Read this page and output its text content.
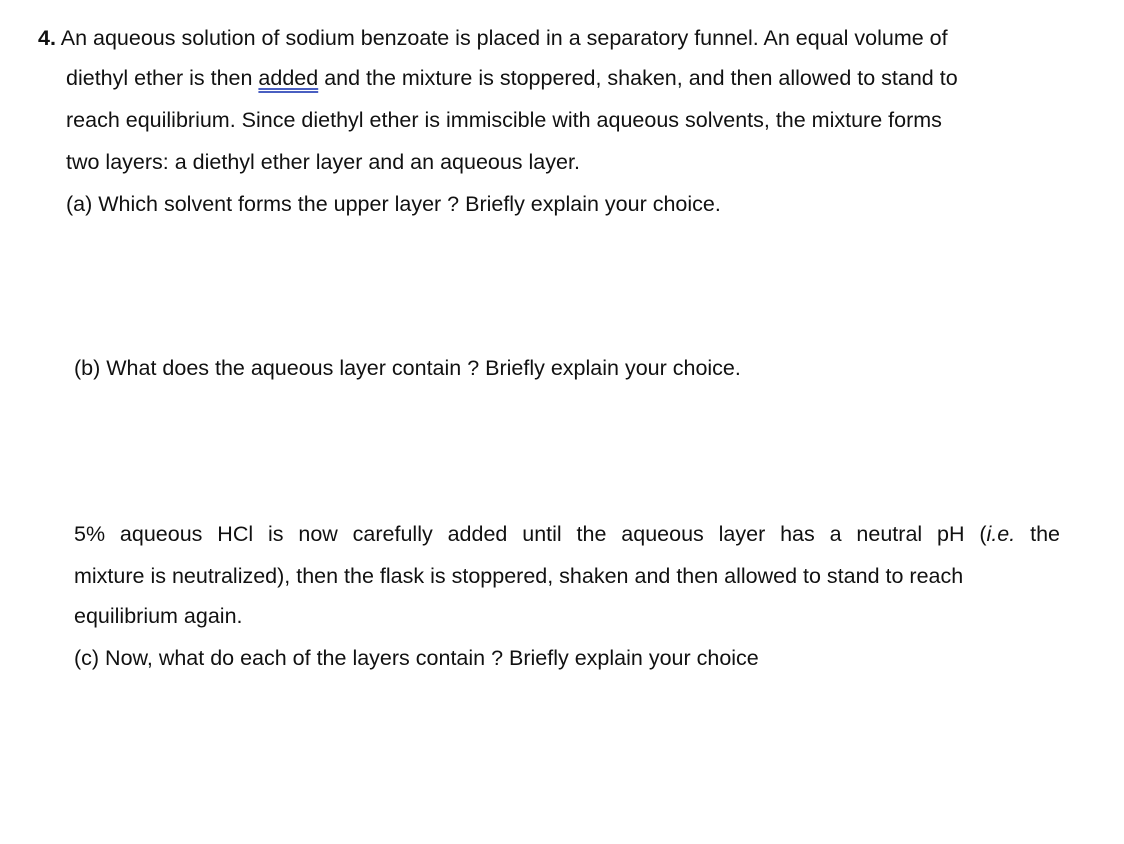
4. An aqueous solution of sodium benzoate is placed in a separatory funnel. An equal volume of
diethyl ether is then added and the mixture is stoppered, shaken, and then allowed to stand to
reach equilibrium. Since diethyl ether is immiscible with aqueous solvents, the mixture forms
two layers: a diethyl ether layer and an aqueous layer.
(a) Which solvent forms the upper layer ? Briefly explain your choice.
(b) What does the aqueous layer contain ? Briefly explain your choice.
5% aqueous HCl is now carefully added until the aqueous layer has a neutral pH (i.e. the
mixture is neutralized), then the flask is stoppered, shaken and then allowed to stand to reach
equilibrium again.
(c) Now, what do each of the layers contain ? Briefly explain your choice
